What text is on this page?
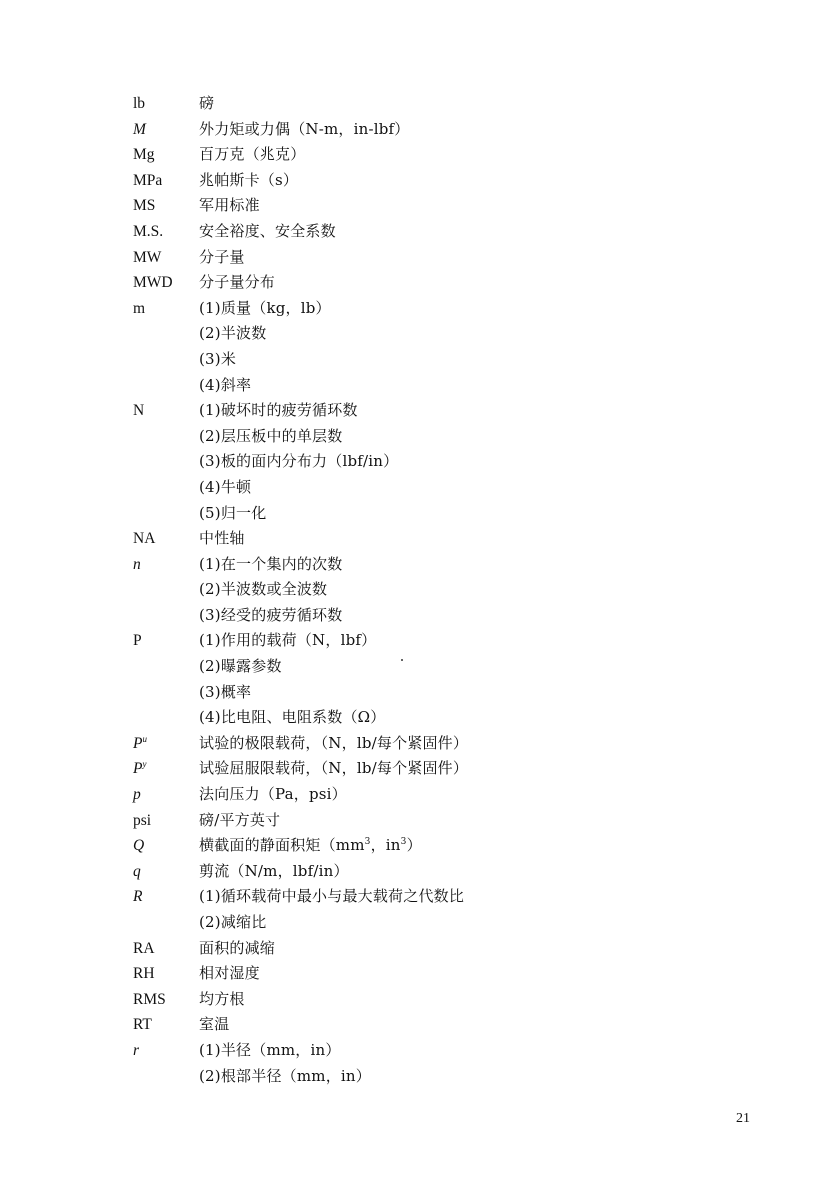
lb	磅
M	外力矩或力偶（N-m，in-lbf）
Mg	百万克（兆克）
MPa	兆帕斯卡（s）
MS	军用标准
M.S.	安全裕度、安全系数
MW	分子量
MWD	分子量分布
m	(1)质量（kg，lb）
(2)半波数
(3)米
(4)斜率
N	(1)破坏时的疲劳循环数
(2)层压板中的单层数
(3)板的面内分布力（lbf/in）
(4)牛顿
(5)归一化
NA	中性轴
n	(1)在一个集内的次数
(2)半波数或全波数
(3)经受的疲劳循环数
P	(1)作用的载荷（N，lbf）
(2)曝露参数
(3)概率
(4)比电阻、电阻系数（Ω）
$P^u$	试验的极限载荷，（N，lb/每个紧固件）
$P^y$	试验屈服限载荷，（N，lb/每个紧固件）
p	法向压力（Pa，psi）
psi	磅/平方英寸
Q	横截面的静面积矩（$mm^3$，$in^3$）
q	剪流（N/m，lbf/in）
R	(1)循环载荷中最小与最大载荷之代数比
(2)减缩比
RA	面积的减缩
RH	相对湿度
RMS	均方根
RT	室温
r	(1)半径（mm，in）
(2)根部半径（mm，in）
21
